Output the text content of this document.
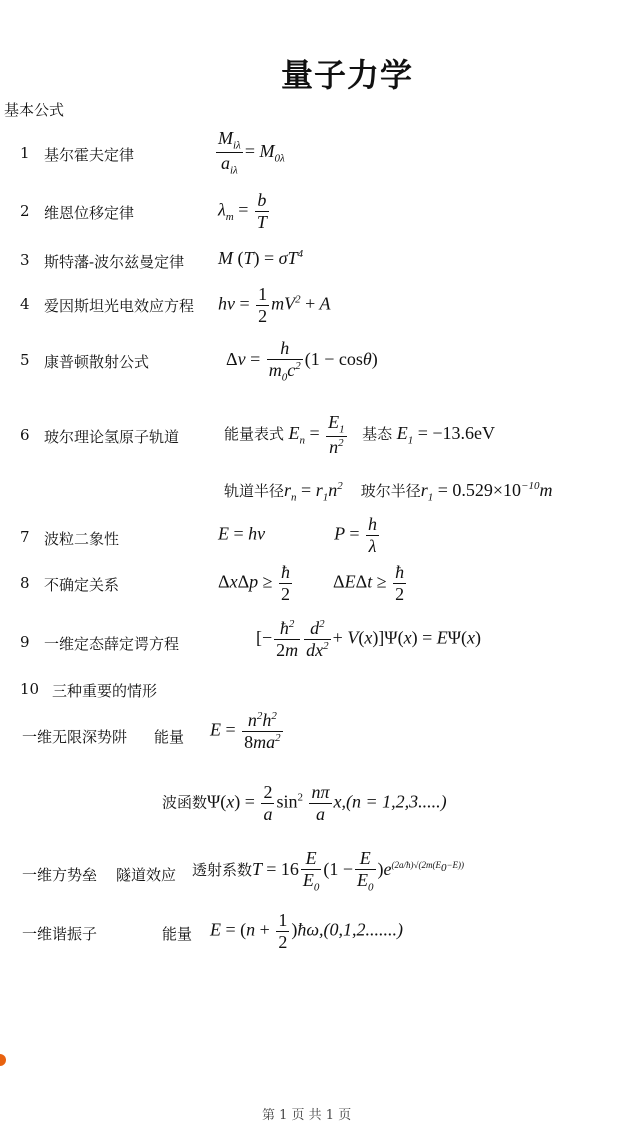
量子力学
基本公式
1 基尔霍夫定律	$\frac{M_{i\lambda}}{a_{i\lambda}} = M_{0\lambda}$
2 维恩位移定律	$\lambda_m = \frac{b}{T}$
3 斯特藩-波尔兹曼定律 M $(T) = \sigma T^4$
4 爱因斯坦光电效应方程 $h\nu = \frac{1}{2} mV^2 + A$
5 康普顿散射公式	$\Delta\nu = \frac{h}{m_0c^2} (1 - \cos\theta)$
6 玻尔理论氢原子轨道	能量表式 $E_n = \frac{E_1}{n^2}$ 基态 $E_1 = -13.6eV$
轨道半径$r_n = r_1n^2$ 玻尔半径$r_1 = 0.529\times 10^{-10}m$
7 波粒二象性	E = hν	$P = \frac{h}{\lambda}$
8 不确定关系	$\Delta x\Delta p \ge \frac{ħ}{2}$ $\Delta E\Delta t \ge \frac{ħ}{2}$
9 一维定态薛定谔方程	[− $\frac{ħ^2}{2m} \frac{d^2}{dx^2} + V(x)]\Psi(x) = E\Psi(x)$
10 三种重要的情形
一维无限深势阱 能量 $E = \frac{n^2h^2}{8ma^2}$
波函数$\Psi(x) = \frac{2}{a} \sin^2 \frac{n\pi}{a} x,(n = 1,2,3.....)$
一维方势垒 隧道效应 透射系数$T = 16 \frac{E}{E_0} (1 - \frac{E}{E_0} )e^{(2a/ħ)√(2m(E_0-E))}$
一维谐振子	能量 $E = (n + \frac{1}{2}$ )ħω,(0,1,2.......)
第 1 页 共 1 页
